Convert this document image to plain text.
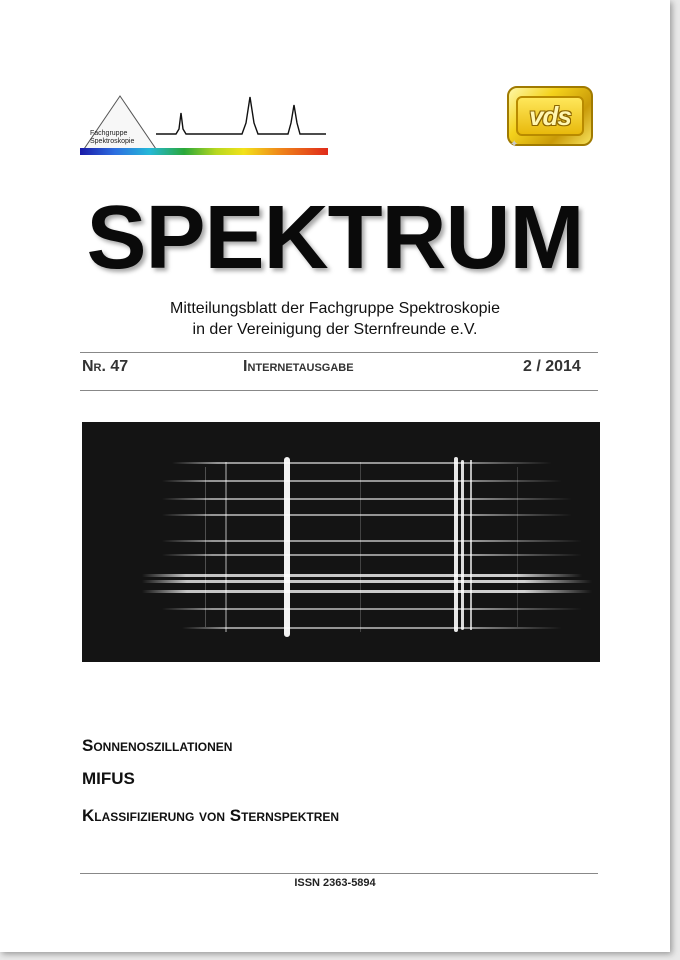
Fachgruppe
Spektroskopie
vds
✦
SPEKTRUM
Mitteilungsblatt der Fachgruppe Spektroskopie
in der Vereinigung der Sternfreunde e.V.
Nr. 47	Internetausgabe	2 / 2014
Sonnenoszillationen
MIFUS
Klassifizierung von Sternspektren
ISSN 2363-5894
